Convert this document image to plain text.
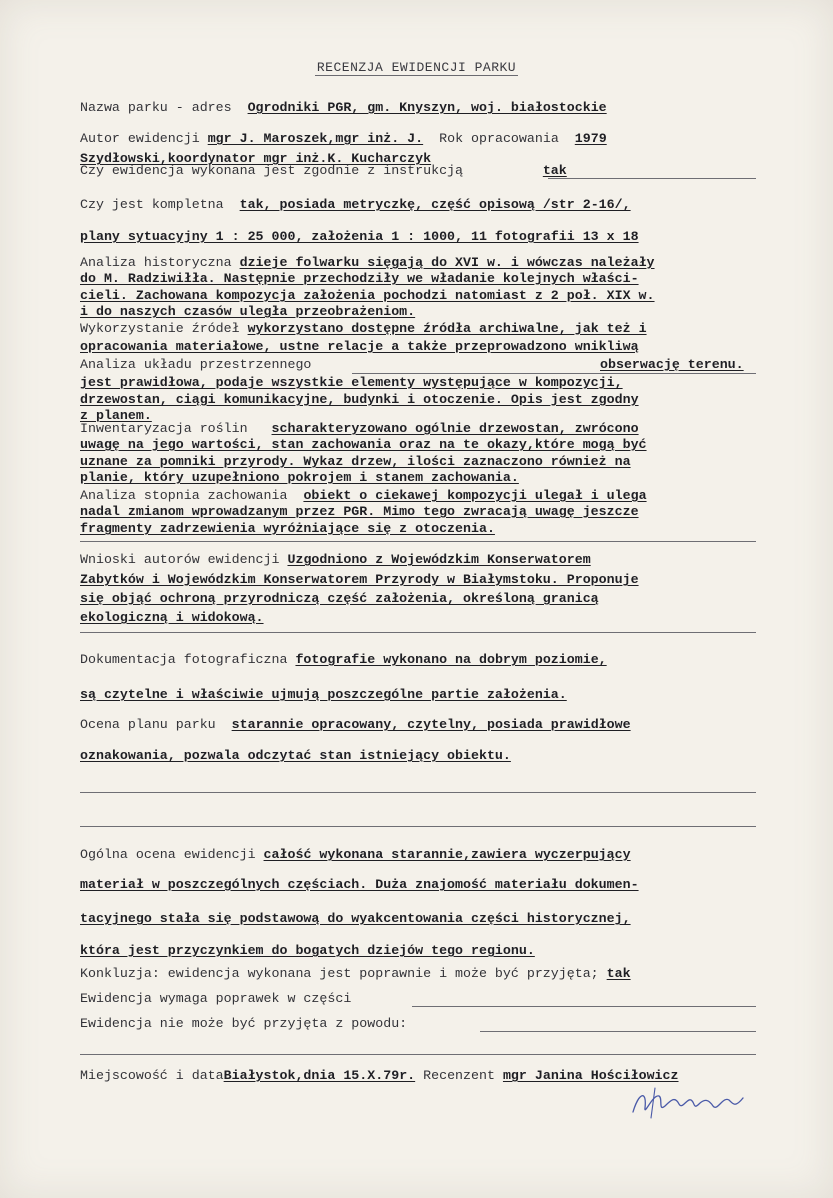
RECENZJA EWIDENCJI PARKU
Nazwa parku - adres Ogrodniki PGR, gm. Knyszyn, woj. białostockie
Autor ewidencji mgr J. Maroszek,mgr inż. J. Rok opracowania 1979
Szydłowski,koordynator mgr inż.K. Kucharczyk
Czy ewidencja wykonana jest zgodnie z instrukcją	tak
Czy jest kompletna tak, posiada metryczkę, część opisową /str 2-16/,
plany sytuacyjny 1 : 25 000, założenia 1 : 1000, 11 fotografii 13 x 18
Analiza historyczna dzieje folwarku sięgają do XVI w. i wówczas należały
do M. Radziwiłła. Następnie przechodziły we władanie kolejnych właści-
cieli. Zachowana kompozycja założenia pochodzi natomiast z 2 poł. XIX w.
i do naszych czasów uległa przeobrażeniom.
Wykorzystanie źródeł wykorzystano dostępne źródła archiwalne, jak też i
opracowania materiałowe, ustne relacje a także przeprowadzono wnikliwą
Analiza układu przestrzennego	obserwację terenu.
jest prawidłowa, podaje wszystkie elementy występujące w kompozycji,
drzewostan, ciągi komunikacyjne, budynki i otoczenie. Opis jest zgodny
z planem.
Inwentaryzacja roślin scharakteryzowano ogólnie drzewostan, zwrócono
uwagę na jego wartości, stan zachowania oraz na te okazy,które mogą być
uznane za pomniki przyrody. Wykaz drzew, ilości zaznaczono również na
planie, który uzupełniono pokrojem i stanem zachowania.
Analiza stopnia zachowania obiekt o ciekawej kompozycji ulegał i ulega
nadal zmianom wprowadzanym przez PGR. Mimo tego zwracają uwagę jeszcze
fragmenty zadrzewienia wyróżniające się z otoczenia.
Wnioski autorów ewidencji Uzgodniono z Wojewódzkim Konserwatorem
Zabytków i Wojewódzkim Konserwatorem Przyrody w Białymstoku. Proponuje
się objąć ochroną przyrodniczą część założenia, określoną granicą
ekologiczną i widokową.
Dokumentacja fotograficzna fotografie wykonano na dobrym poziomie,
są czytelne i właściwie ujmują poszczególne partie założenia.
Ocena planu parku starannie opracowany, czytelny, posiada prawidłowe
oznakowania, pozwala odczytać stan istniejący obiektu.
Ogólna ocena ewidencji całość wykonana starannie,zawiera wyczerpujący
materiał w poszczególnych częściach. Duża znajomość materiału dokumen-
tacyjnego stała się podstawową do wyakcentowania części historycznej,
która jest przyczynkiem do bogatych dziejów tego regionu.
Konkluzja: ewidencja wykonana jest poprawnie i może być przyjęta; tak
Ewidencja wymaga poprawek w części
Ewidencja nie może być przyjęta z powodu:
Miejscowość i dataBiałystok,dnia 15.X.79r. Recenzent mgr Janina Hościłowicz
